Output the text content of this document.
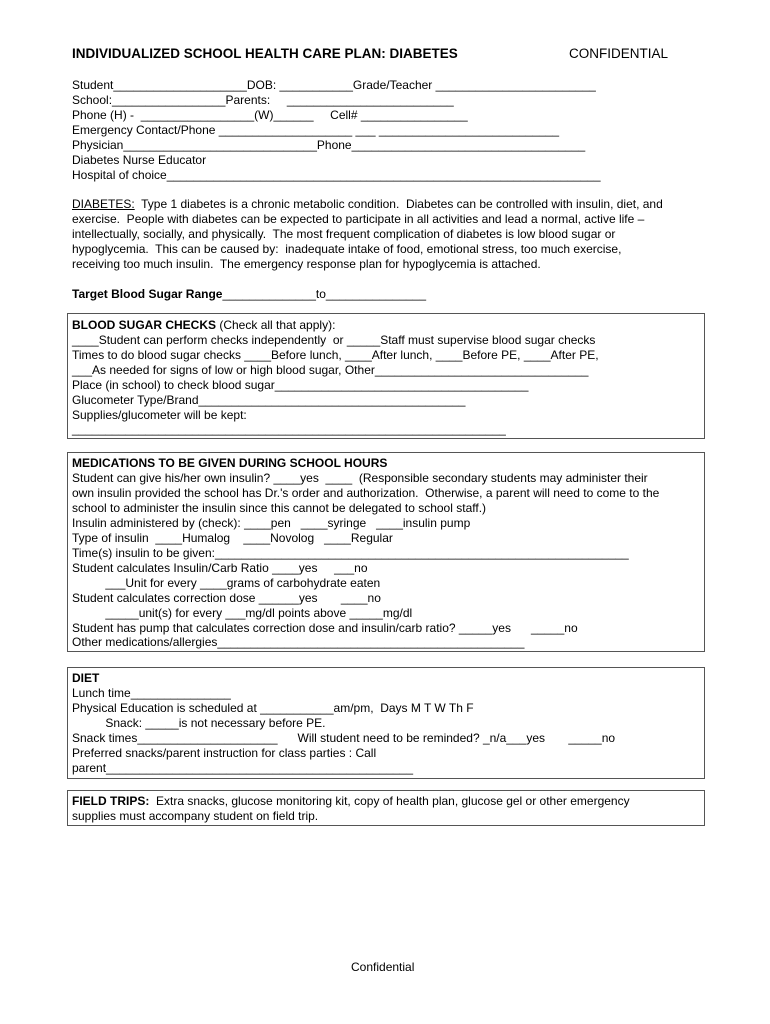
INDIVIDUALIZED SCHOOL HEALTH CARE PLAN: DIABETES	CONFIDENTIAL
Student____________________DOB: ___________Grade/Teacher ________________________
School:_________________Parents:     _________________________
Phone (H) -  _________________(W)______     Cell# ________________
Emergency Contact/Phone ____________________ ___ ___________________________
Physician_____________________________Phone___________________________________
Diabetes Nurse Educator
Hospital of choice_________________________________________________________________
DIABETES:  Type 1 diabetes is a chronic metabolic condition.  Diabetes can be controlled with insulin, diet, and
exercise.  People with diabetes can be expected to participate in all activities and lead a normal, active life –
intellectually, socially, and physically.  The most frequent complication of diabetes is low blood sugar or
hypoglycemia.  This can be caused by:  inadequate intake of food, emotional stress, too much exercise,
receiving too much insulin.  The emergency response plan for hypoglycemia is attached.
Target Blood Sugar Range______________to_______________
BLOOD SUGAR CHECKS (Check all that apply):
____Student can perform checks independently  or _____Staff must supervise blood sugar checks
Times to do blood sugar checks ____Before lunch, ____After lunch, ____Before PE, ____After PE,
___As needed for signs of low or high blood sugar, Other________________________________
Place (in school) to check blood sugar______________________________________
Glucometer Type/Brand________________________________________
Supplies/glucometer will be kept:
_________________________________________________________________
MEDICATIONS TO BE GIVEN DURING SCHOOL HOURS
Student can give his/her own insulin? ____yes  ____  (Responsible secondary students may administer their
own insulin provided the school has Dr.'s order and authorization.  Otherwise, a parent will need to come to the
school to administer the insulin since this cannot be delegated to school staff.)
Insulin administered by (check): ____pen   ____syringe   ____insulin pump
Type of insulin  ____Humalog    ____Novolog   ____Regular
Time(s) insulin to be given:______________________________________________________________
Student calculates Insulin/Carb Ratio ____yes     ___no
___Unit for every ____grams of carbohydrate eaten
Student calculates correction dose ______yes       ____no
_____unit(s) for every ___mg/dl points above _____mg/dl
Student has pump that calculates correction dose and insulin/carb ratio? _____yes      _____no
Other medications/allergies______________________________________________
DIET
Lunch time_______________
Physical Education is scheduled at ___________am/pm,  Days M T W Th F
Snack: _____is not necessary before PE.
Snack times_____________________      Will student need to be reminded? _n/a___yes       _____no
Preferred snacks/parent instruction for class parties : Call
parent______________________________________________
FIELD TRIPS:  Extra snacks, glucose monitoring kit, copy of health plan, glucose gel or other emergency
supplies must accompany student on field trip.
Confidential
